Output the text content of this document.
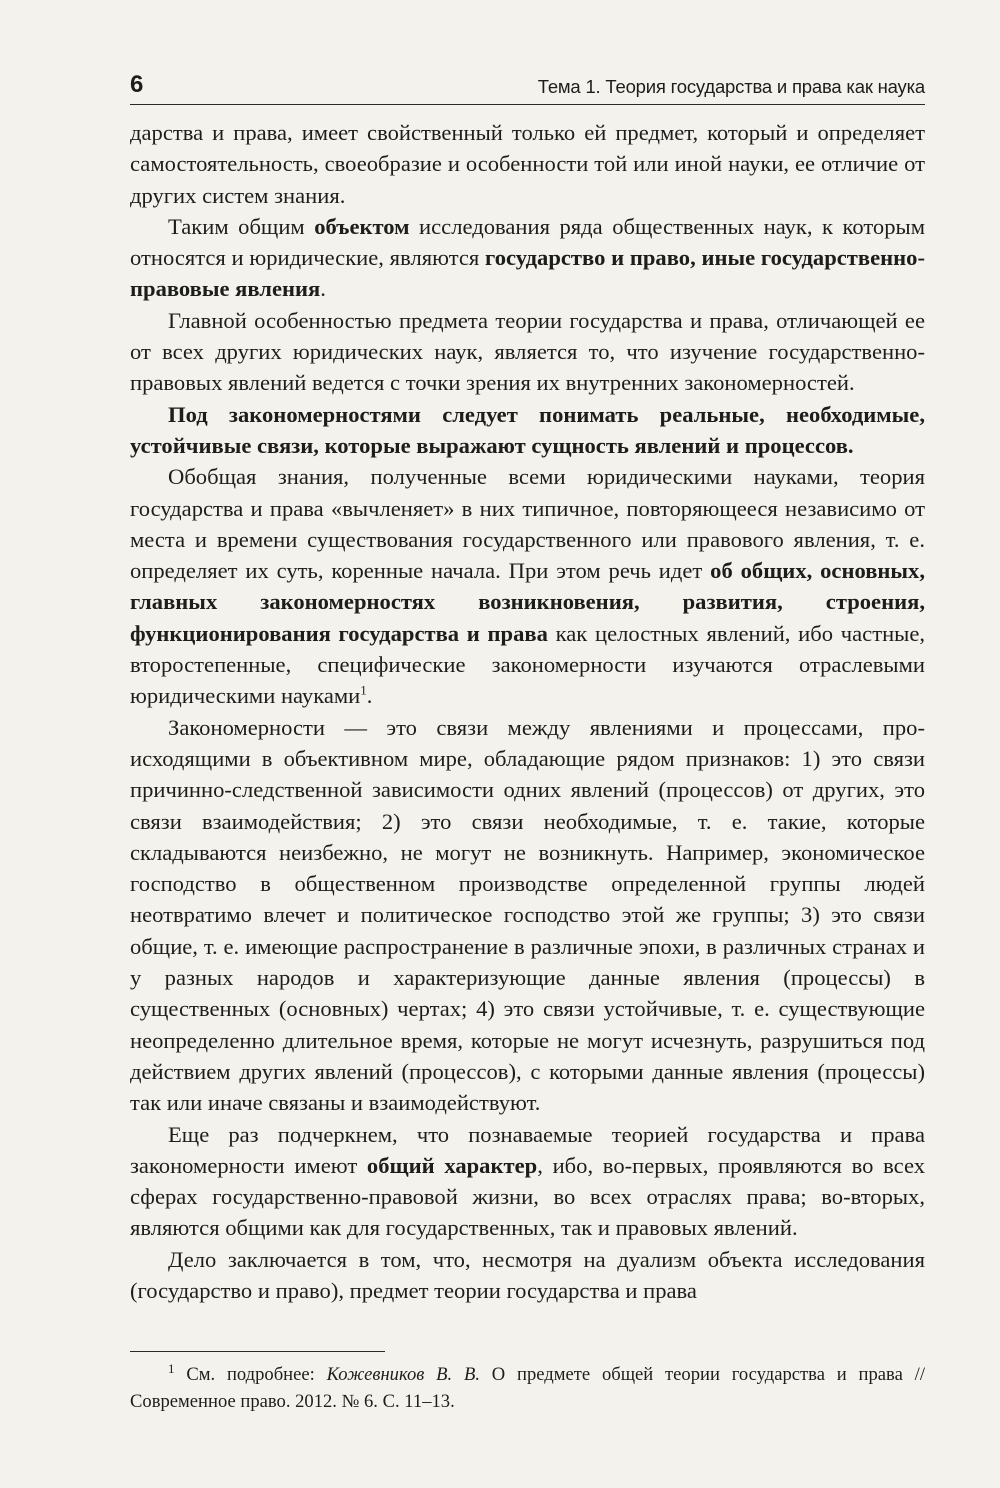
6	Тема 1. Теория государства и права как наука

дарства и права, имеет свойственный только ей предмет, который и определяет самостоятельность, своеобразие и особенности той или иной науки, ее отличие от других систем знания.

Таким общим объектом исследования ряда общественных наук, к которым относятся и юридические, являются государство и право, иные государственно-правовые явления.

Главной особенностью предмета теории государства и права, отличающей ее от всех других юридических наук, является то, что изучение государственно-правовых явлений ведется с точки зрения их внутренних закономерностей.

Под закономерностями следует понимать реальные, необходимые, устойчивые связи, которые выражают сущность явлений и процессов.

Обобщая знания, полученные всеми юридическими науками, теория государства и права «вычленяет» в них типичное, повторяющееся независимо от места и времени существования государственного или правового явления, т. е. определяет их суть, коренные начала. При этом речь идет об общих, основных, главных закономерностях возникновения, развития, строения, функционирования государства и права как целостных явлений, ибо частные, второстепенные, специфические закономерности изучаются отраслевыми юридическими науками$^1$.

Закономерности — это связи между явлениями и процессами, происходящими в объективном мире, обладающие рядом признаков: 1) это связи причинно-следственной зависимости одних явлений (процессов) от других, это связи взаимодействия; 2) это связи необходимые, т. е. такие, которые складываются неизбежно, не могут не возникнуть. Например, экономическое господство в общественном производстве определенной группы людей неотвратимо влечет и политическое господство этой же группы; 3) это связи общие, т. е. имеющие распространение в различные эпохи, в различных странах и у разных народов и характеризующие данные явления (процессы) в существенных (основных) чертах; 4) это связи устойчивые, т. е. существующие неопределенно длительное время, которые не могут исчезнуть, разрушиться под действием других явлений (процессов), с которыми данные явления (процессы) так или иначе связаны и взаимодействуют.

Еще раз подчеркнем, что познаваемые теорией государства и права закономерности имеют общий характер, ибо, во-первых, проявляются во всех сферах государственно-правовой жизни, во всех отраслях права; во-вторых, являются общими как для государственных, так и правовых явлений.

Дело заключается в том, что, несмотря на дуализм объекта исследования (государство и право), предмет теории государства и права

$^1$ См. подробнее: Кожевников В. В. О предмете общей теории государства и права // Современное право. 2012. № 6. С. 11–13.
